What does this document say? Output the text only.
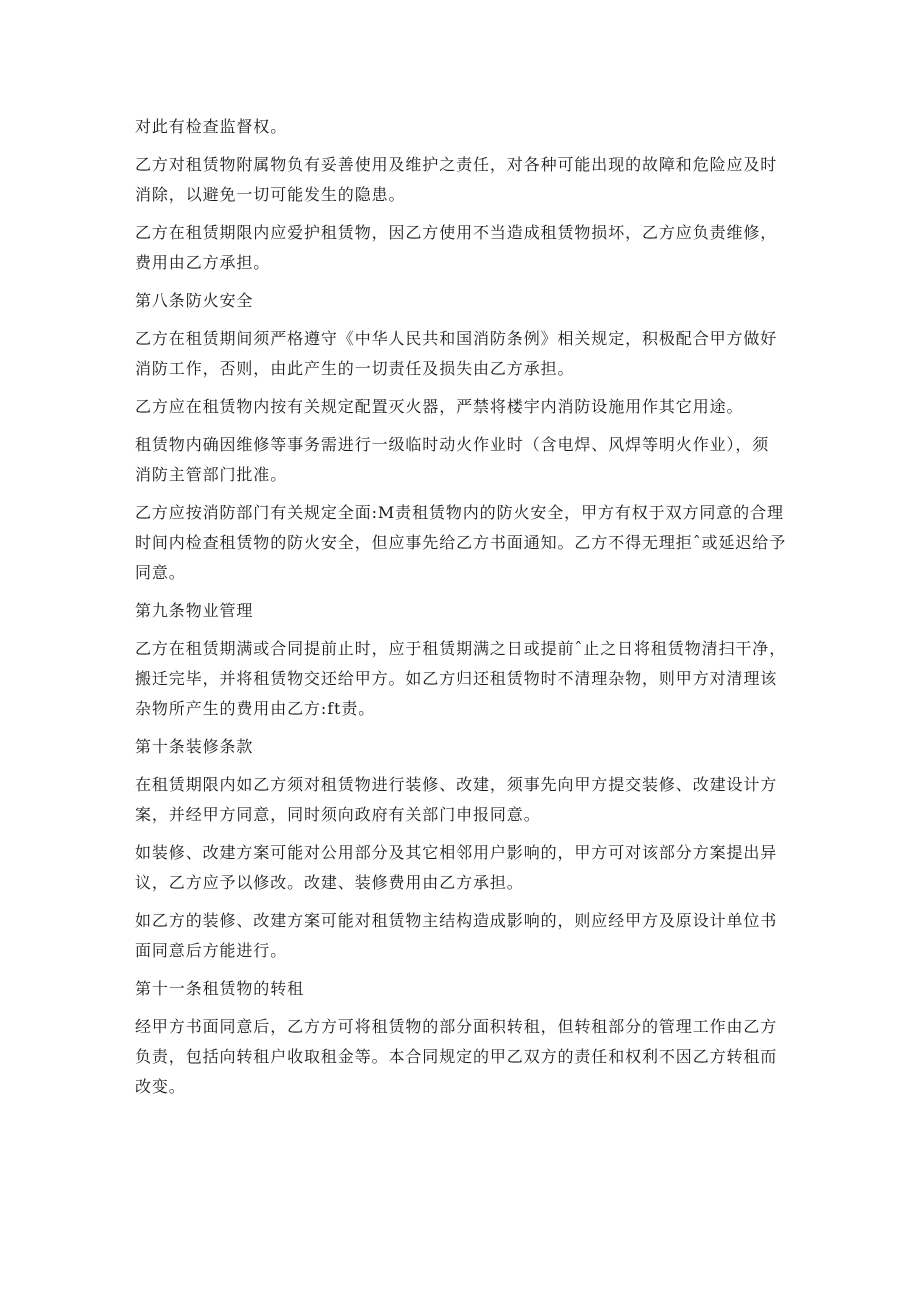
对此有检查监督权。
乙方对租赁物附属物负有妥善使用及维护之责任，对各种可能出现的故障和危险应及时
消除，以避免一切可能发生的隐患。
乙方在租赁期限内应爱护租赁物，因乙方使用不当造成租赁物损坏，乙方应负责维修，
费用由乙方承担。
第八条防火安全
乙方在租赁期间须严格遵守《中华人民共和国消防条例》相关规定，积极配合甲方做好
消防工作，否则，由此产生的一切责任及损失由乙方承担。
乙方应在租赁物内按有关规定配置灭火器，严禁将楼宇内消防设施用作其它用途。
租赁物内确因维修等事务需进行一级临时动火作业时（含电焊、风焊等明火作业），须
消防主管部门批准。
乙方应按消防部门有关规定全面:M责租赁物内的防火安全，甲方有权于双方同意的合理
时间内检查租赁物的防火安全，但应事先给乙方书面通知。乙方不得无理拒ˆ或延迟给予
同意。
第九条物业管理
乙方在租赁期满或合同提前止时，应于租赁期满之日或提前ˆ止之日将租赁物清扫干净，
搬迁完毕，并将租赁物交还给甲方。如乙方归还租赁物时不清理杂物，则甲方对清理该
杂物所产生的费用由乙方:ft责。
第十条装修条款
在租赁期限内如乙方须对租赁物进行装修、改建，须事先向甲方提交装修、改建设计方
案，并经甲方同意，同时须向政府有关部门申报同意。
如装修、改建方案可能对公用部分及其它相邻用户影响的，甲方可对该部分方案提出异
议，乙方应予以修改。改建、装修费用由乙方承担。
如乙方的装修、改建方案可能对租赁物主结构造成影响的，则应经甲方及原设计单位书
面同意后方能进行。
第十一条租赁物的转租
经甲方书面同意后，乙方方可将租赁物的部分面积转租，但转租部分的管理工作由乙方
负责，包括向转租户收取租金等。本合同规定的甲乙双方的责任和权利不因乙方转租而
改变。
